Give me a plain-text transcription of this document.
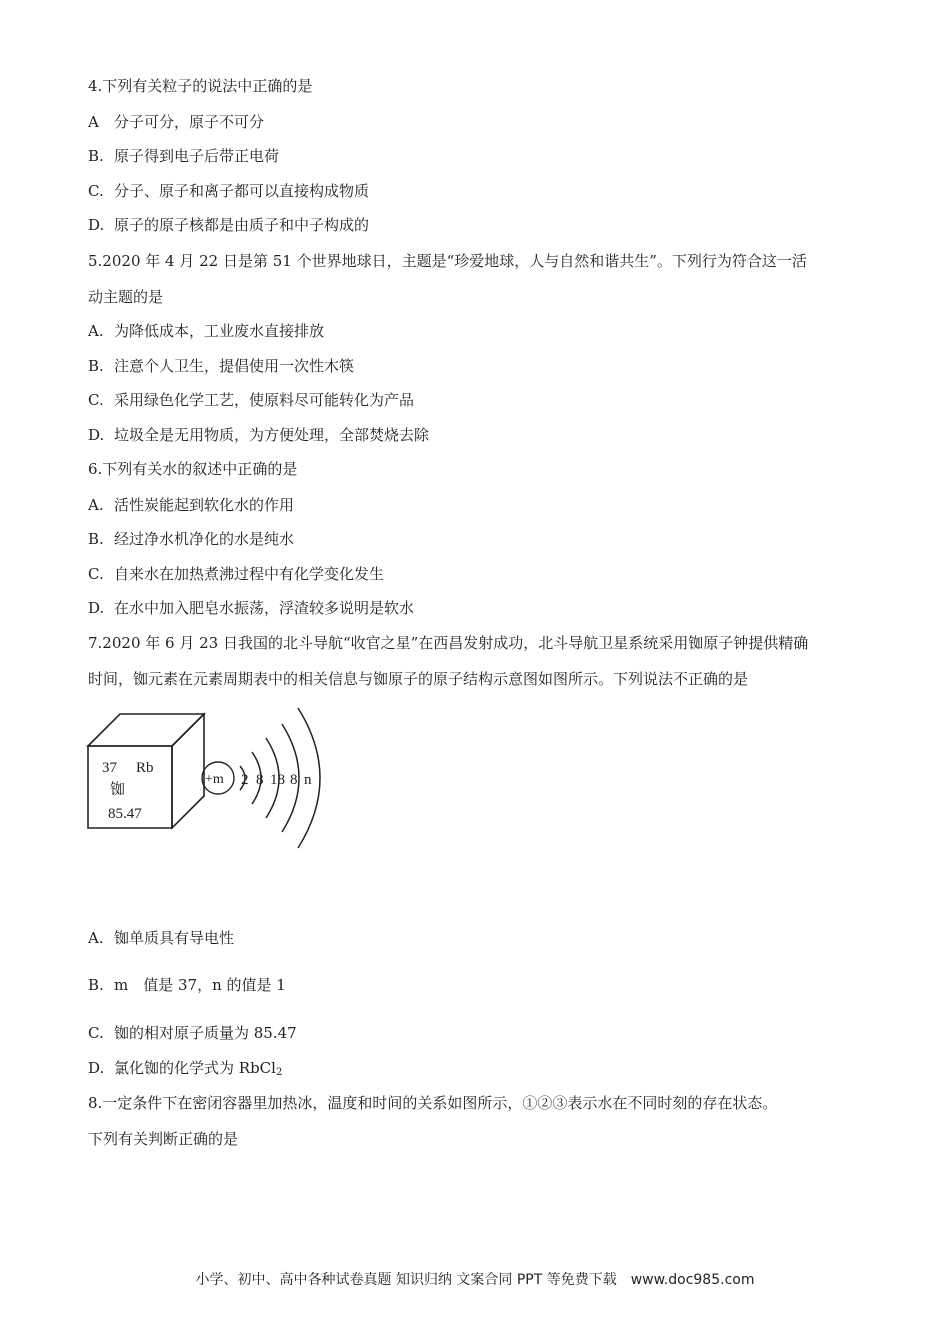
4.下列有关粒子的说法中正确的是
A 分子可分，原子不可分
B. 原子得到电子后带正电荷
C. 分子、原子和离子都可以直接构成物质
D. 原子的原子核都是由质子和中子构成的
5.2020 年 4 月 22 日是第 51 个世界地球日，主题是“珍爱地球，人与自然和谐共生”。下列行为符合这一活
动主题的是
A. 为降低成本，工业废水直接排放
B. 注意个人卫生，提倡使用一次性木筷
C. 采用绿色化学工艺，使原料尽可能转化为产品
D. 垃圾全是无用物质，为方便处理，全部焚烧去除
6.下列有关水的叙述中正确的是
A. 活性炭能起到软化水的作用
B. 经过净水机净化的水是纯水
C. 自来水在加热煮沸过程中有化学变化发生
D. 在水中加入肥皂水振荡，浮渣较多说明是软水
7.2020 年 6 月 23 日我国的北斗导航“收官之星”在西昌发射成功，北斗导航卫星系统采用铷原子钟提供精确
时间，铷元素在元素周期表中的相关信息与铷原子的原子结构示意图如图所示。下列说法不正确的是
37 Rb
铷
85.47
+m 2 8 18 8 n
A. 铷单质具有导电性
B. m　值是 37，n 的值是 1
C. 铷的相对原子质量为 85.47
D. 氯化铷的化学式为 RbCl$_2$
8.一定条件下在密闭容器里加热冰，温度和时间的关系如图所示，①②③表示水在不同时刻的存在状态。
下列有关判断正确的是
小学、初中、高中各种试卷真题 知识归纳 文案合同 PPT 等免费下载　www.doc985.com
